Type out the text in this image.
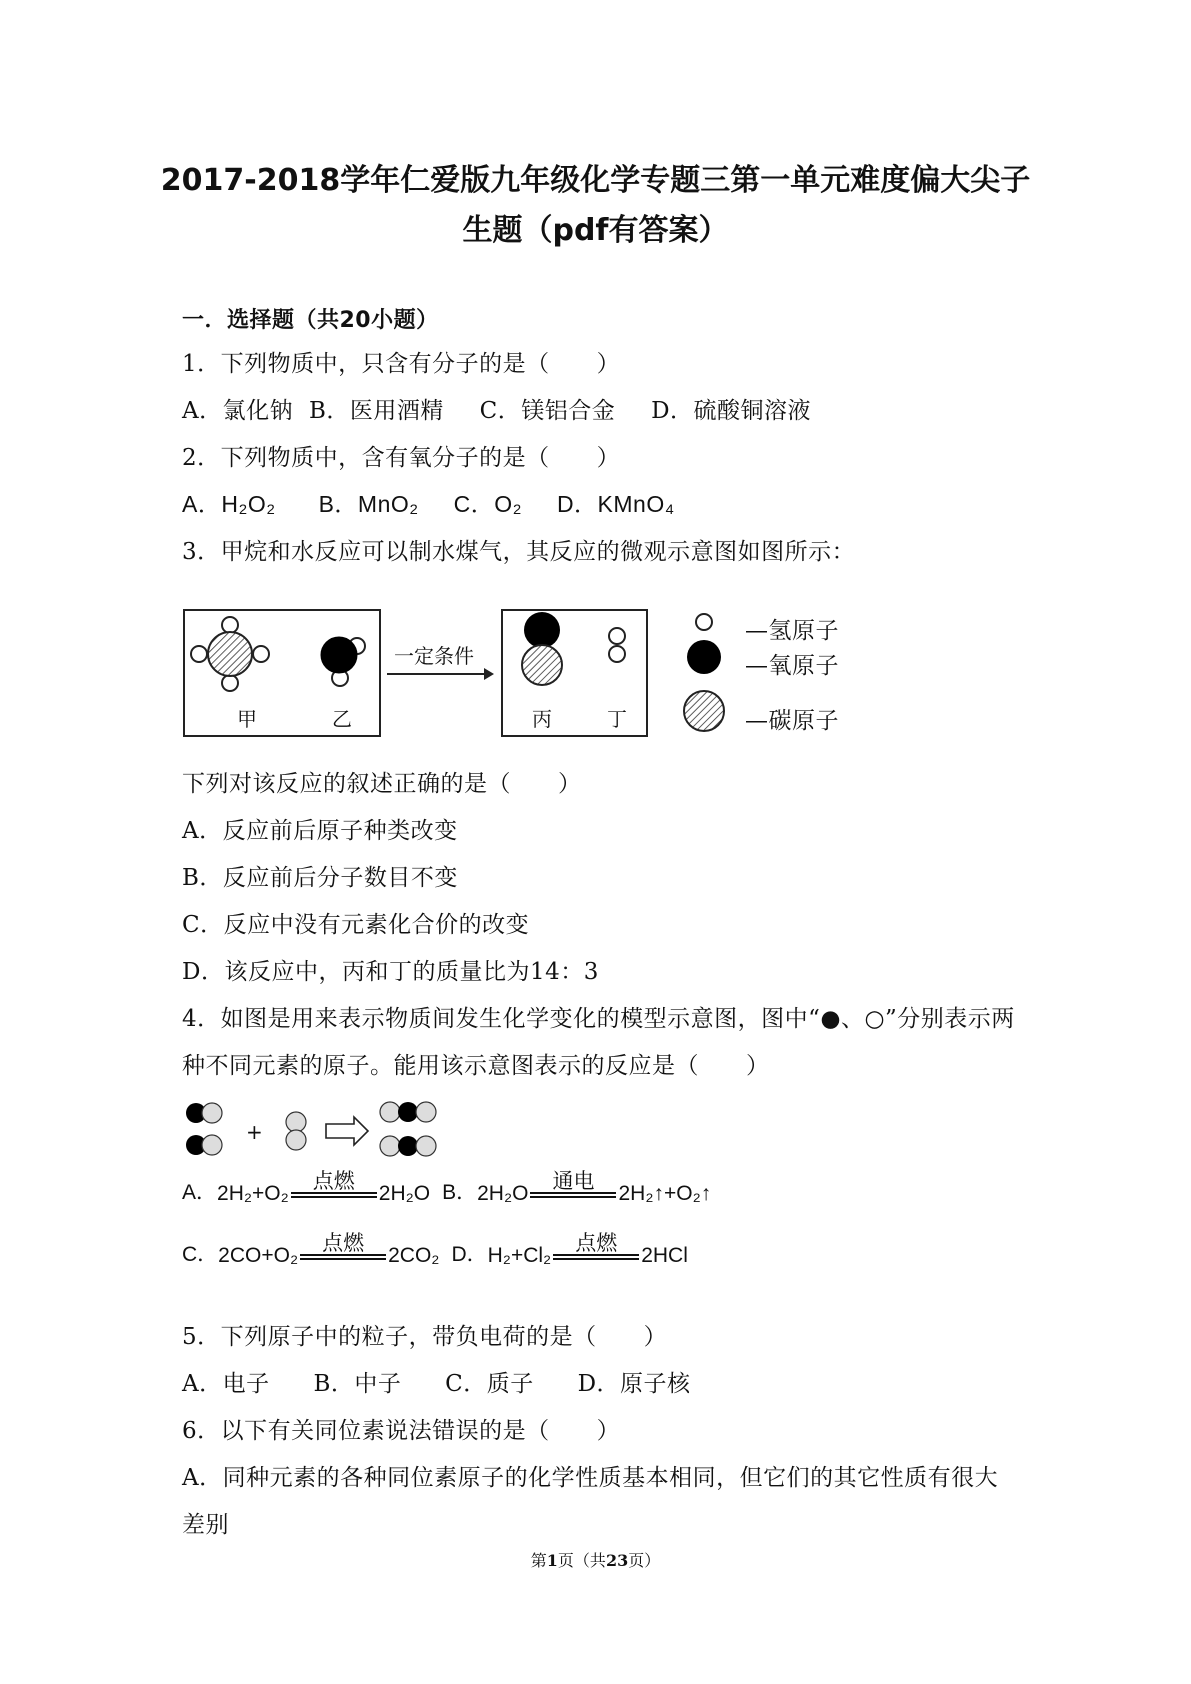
2017-2018学年仁爱版九年级化学专题三第一单元难度偏大尖子
生题（pdf有答案）
一．选择题（共20小题）
1．下列物质中，只含有分子的是（　　）
A．氯化钠 B．医用酒精 C．镁铝合金 D．硫酸铜溶液
2．下列物质中，含有氧分子的是（　　）
A．H₂O₂ B．MnO₂ C．O₂ D．KMnO₄
3．甲烷和水反应可以制水煤气，其反应的微观示意图如图所示：
甲	乙
一定条件
丙	丁
—氢原子
—氧原子
—碳原子
下列对该反应的叙述正确的是（　　）
A．反应前后原子种类改变
B．反应前后分子数目不变
C．反应中没有元素化合价的改变
D．该反应中，丙和丁的质量比为14：3
4．如图是用来表示物质间发生化学变化的模型示意图，图中“●、○”分别表示两
种不同元素的原子。能用该示意图表示的反应是（　　）
+
A． 2H₂+O₂
点燃
2H₂O B． 2H₂O
通电
2H₂↑+O₂↑
C． 2CO+O₂
点燃
2CO₂ D． H₂+Cl₂
点燃
2HCl
5．下列原子中的粒子，带负电荷的是（　　）
A．电子 B．中子 C．质子 D．原子核
6．以下有关同位素说法错误的是（　　）
A．同种元素的各种同位素原子的化学性质基本相同，但它们的其它性质有很大
差别
第1页（共23页）
